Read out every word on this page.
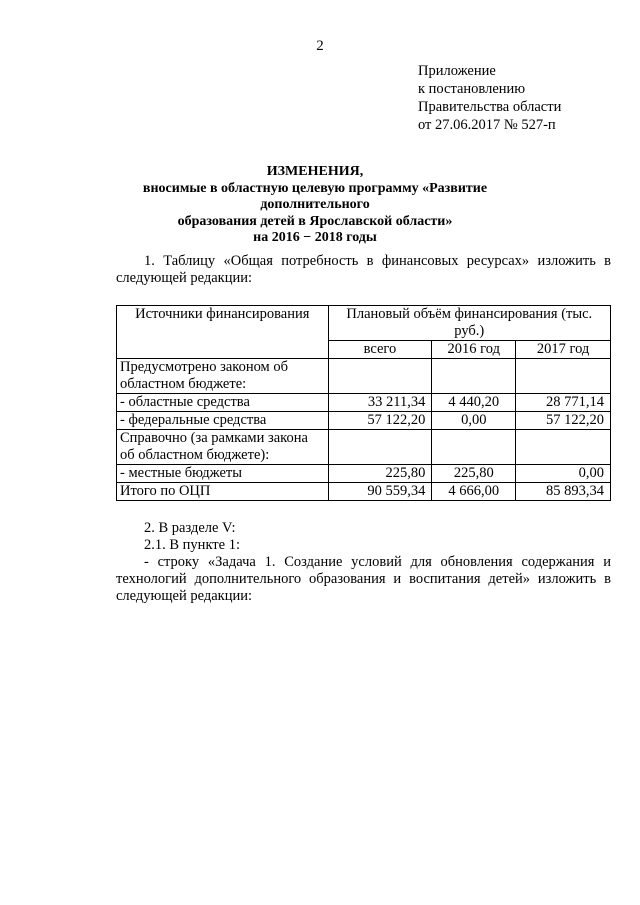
2
Приложение
к постановлению
Правительства области
от 27.06.2017 № 527-п
ИЗМЕНЕНИЯ,
вносимые в областную целевую программу «Развитие дополнительного
образования детей в Ярославской области»
на 2016 − 2018 годы
1. Таблицу «Общая потребность в финансовых ресурсах» изложить в
следующей редакции:
Источники финансирования	Плановый объём финансирования (тыс. руб.)		
	всего	2016 год	2017 год
Предусмотрено законом об областном бюджете:			
- областные средства	33 211,34	4 440,20	28 771,14
- федеральные средства	57 122,20	0,00	57 122,20
Справочно (за рамками закона об областном бюджете):			
- местные бюджеты	225,80	225,80	0,00
Итого по ОЦП	90 559,34	4 666,00	85 893,34
2. В разделе V:
2.1. В пункте 1:
- строку «Задача 1. Создание условий для обновления содержания и
технологий дополнительного образования и воспитания детей» изложить в
следующей редакции:
